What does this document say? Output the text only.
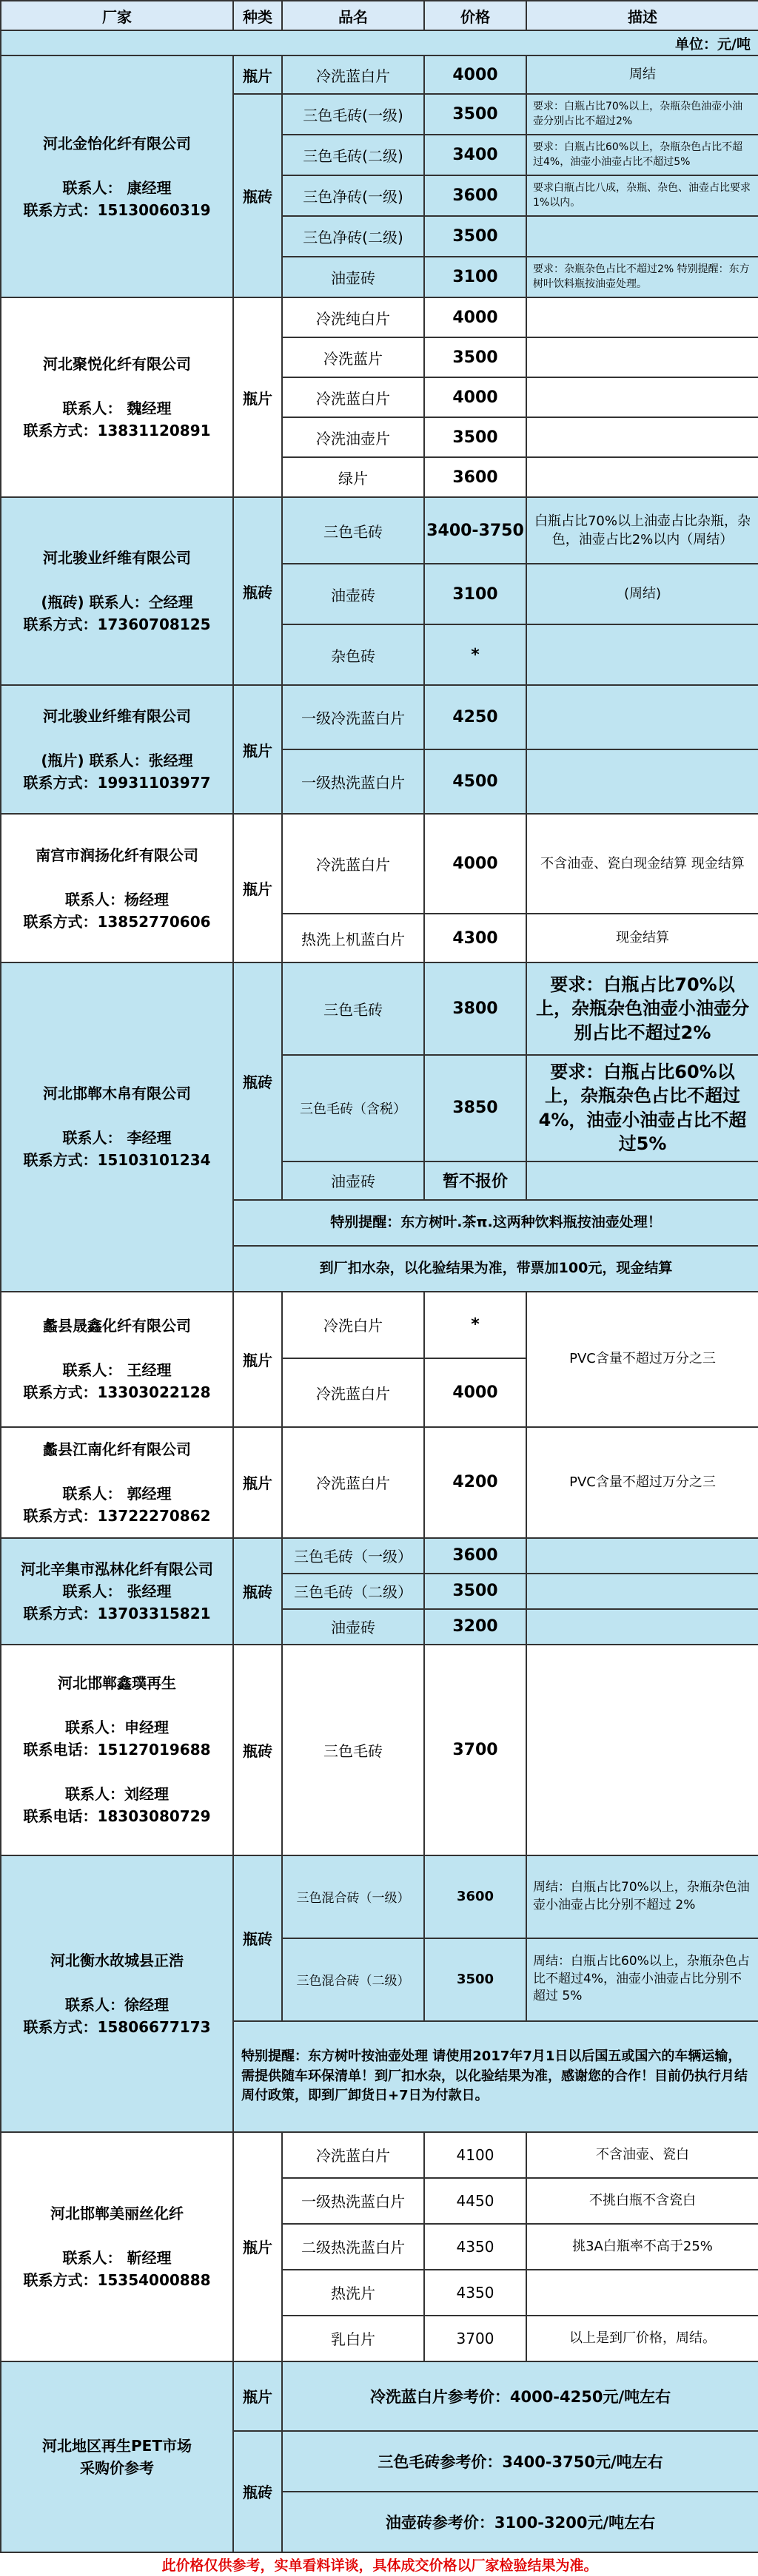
厂家	种类	品名	价格	描述
单位：元/吨				

河北金怡化纤有限公司

联系人： 康经理
联系方式：15130060319	瓶片	冷洗蓝白片	4000	周结
	瓶砖	三色毛砖(一级)	3500	要求：白瓶占比70%以上，杂瓶杂色油壶小油壶分别占比不超过2%
		三色毛砖(二级)	3400	要求：白瓶占比60%以上，杂瓶杂色占比不超过4%，油壶小油壶占比不超过5%
		三色净砖(一级)	3600	要求白瓶占比八成，杂瓶、杂色、油壶占比要求1%以内。
		三色净砖(二级)	3500	
		油壶砖	3100	要求：杂瓶杂色占比不超过2% 特别提醒：东方树叶饮料瓶按油壶处理。

河北聚悦化纤有限公司

联系人： 魏经理
联系方式：13831120891	瓶片	冷洗纯白片	4000	
		冷洗蓝片	3500	
		冷洗蓝白片	4000	
		冷洗油壶片	3500	
		绿片	3600	

河北骏业纤维有限公司

(瓶砖) 联系人：仝经理
联系方式：17360708125	瓶砖	三色毛砖	3400-3750	白瓶占比70%以上油壶占比杂瓶，杂色，油壶占比2%以内（周结）
		油壶砖	3100	(周结)
		杂色砖	*	

河北骏业纤维有限公司

(瓶片) 联系人：张经理
联系方式：19931103977	瓶片	一级冷洗蓝白片	4250	
		一级热洗蓝白片	4500	

南宫市润扬化纤有限公司

联系人：杨经理
联系方式：13852770606	瓶片	冷洗蓝白片	4000	不含油壶、瓷白现金结算 现金结算
		热洗上机蓝白片	4300	现金结算

河北邯郸木帛有限公司

联系人： 李经理
联系方式：15103101234	瓶砖	三色毛砖	3800	要求：白瓶占比70%以上，杂瓶杂色油壶小油壶分别占比不超过2%
		三色毛砖（含税）	3850	要求：白瓶占比60%以上，杂瓶杂色占比不超过4%，油壶小油壶占比不超过5%
		油壶砖	暂不报价	
	特别提醒：东方树叶.茶π.这两种饮料瓶按油壶处理！			
	到厂扣水杂，以化验结果为准，带票加100元，现金结算			

蠡县晟鑫化纤有限公司

联系人： 王经理
联系方式：13303022128	瓶片	冷洗白片	*	PVC含量不超过万分之三
		冷洗蓝白片	4000	

蠡县江南化纤有限公司

联系人： 郭经理
联系方式：13722270862	瓶片	冷洗蓝白片	4200	PVC含量不超过万分之三

河北辛集市泓林化纤有限公司
联系人： 张经理
联系方式：13703315821	瓶砖	三色毛砖（一级）	3600	
		三色毛砖（二级）	3500	
		油壶砖	3200	

河北邯郸鑫璞再生

联系人：申经理
联系电话：15127019688

联系人：刘经理
联系电话：18303080729	瓶砖	三色毛砖	3700	

河北衡水故城县正浩

联系人：徐经理
联系方式：15806677173	瓶砖	三色混合砖（一级）	3600	周结：白瓶占比70%以上，杂瓶杂色油壶小油壶占比分别不超过 2%
		三色混合砖（二级）	3500	周结：白瓶占比60%以上，杂瓶杂色占比不超过4%，油壶小油壶占比分别不超过 5%
	特别提醒：东方树叶按油壶处理 请使用2017年7月1日以后国五或国六的车辆运输，需提供随车环保清单！到厂扣水杂，以化验结果为准，感谢您的合作！目前仍执行月结周付政策，即到厂卸货日+7日为付款日。			

河北邯郸美丽丝化纤

联系人： 靳经理
联系方式：15354000888	瓶片	冷洗蓝白片	4100	不含油壶、瓷白
		一级热洗蓝白片	4450	不挑白瓶不含瓷白
		二级热洗蓝白片	4350	挑3A白瓶率不高于25%
		热洗片	4350	
		乳白片	3700	以上是到厂价格，周结。

河北地区再生PET市场
采购价参考	瓶片	冷洗蓝白片参考价：4000-4250元/吨左右		
	瓶砖	三色毛砖参考价：3400-3750元/吨左右		
		油壶砖参考价：3100-3200元/吨左右		
此价格仅供参考，实单看料详谈，具体成交价格以厂家检验结果为准。				
